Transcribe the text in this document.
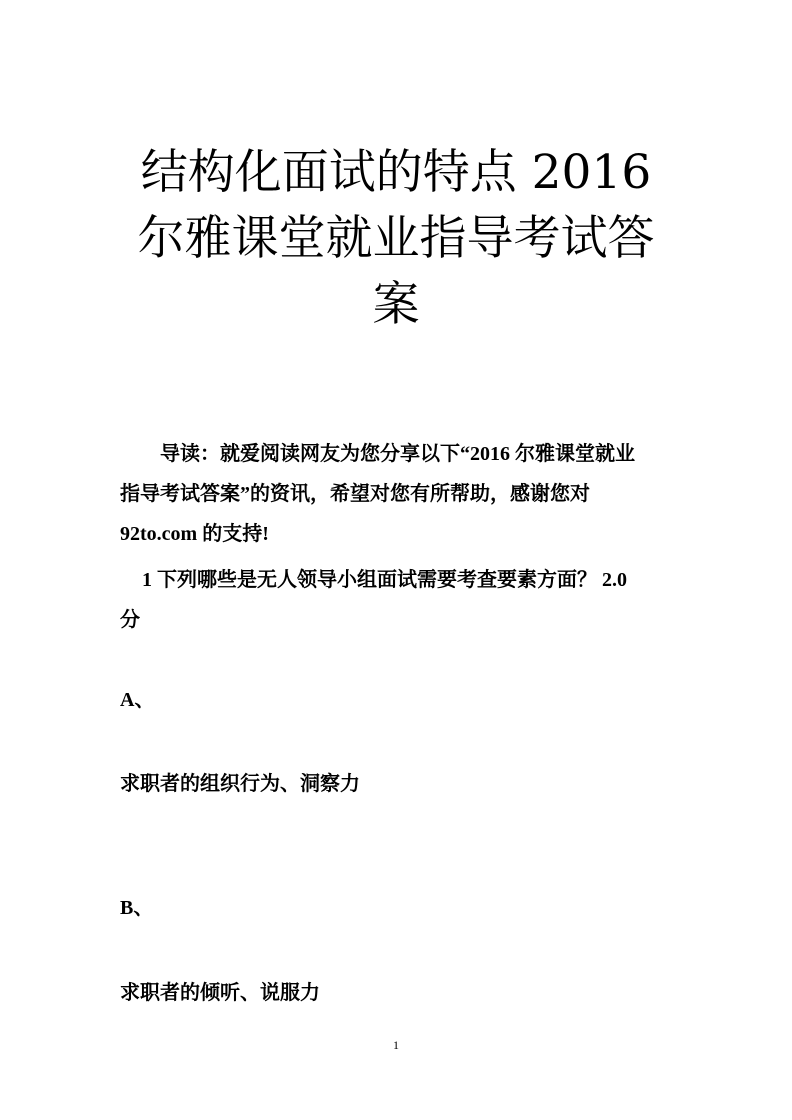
结构化面试的特点 2016
尔雅课堂就业指导考试答
案

导读：就爱阅读网友为您分享以下“2016 尔雅课堂就业
指导考试答案”的资讯，希望对您有所帮助，感谢您对
92to.com 的支持!

1 下列哪些是无人领导小组面试需要考查要素方面？ 2.0
分

A、

求职者的组织行为、洞察力

B、

求职者的倾听、说服力

1
